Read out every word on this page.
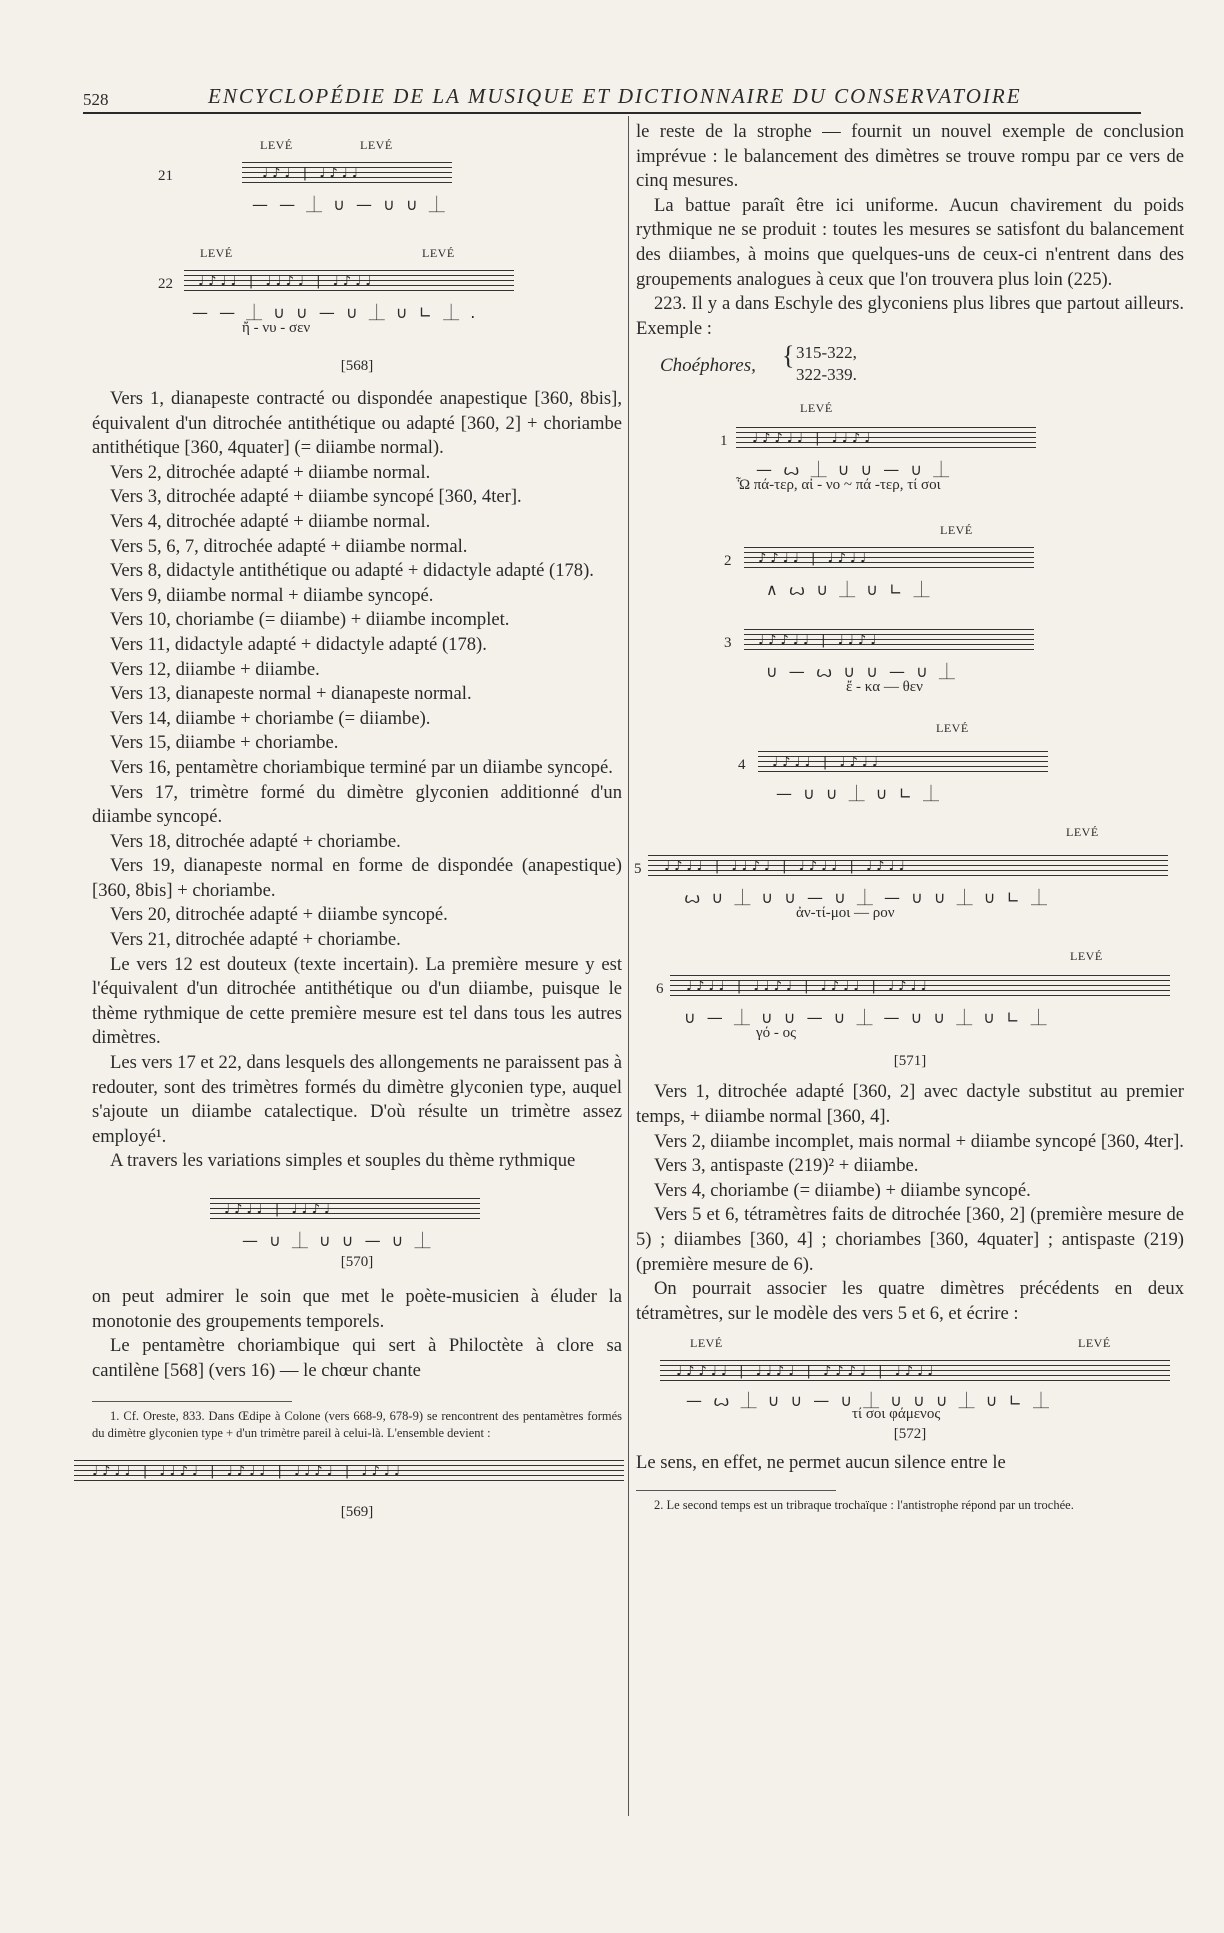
528	ENCYCLOPÉDIE DE LA MUSIQUE ET DICTIONNAIRE DU CONSERVATOIRE
21
LEVÉ	LEVÉ
♩♪♩ | ♩♪♩♩
— — ⏊ ∪ — ∪ ∪ ⏊
22
LEVÉ	LEVÉ
♩♪♩♩ | ♩♩♪♩ | ♩♪♩♩
— — ⏊ ∪ ∪ — ∪ ⏊ ∪ ∟ ⏊ .
ἤ - νυ - σεν

[568]

Vers 1, dianapeste contracté ou dispondée anapestique [360, 8bis], équivalent d'un ditrochée antithétique ou adapté [360, 2] + choriambe antithétique [360, 4quater] (= diiambe normal).

Vers 2, ditrochée adapté + diiambe normal.

Vers 3, ditrochée adapté + diiambe syncopé [360, 4ter].

Vers 4, ditrochée adapté + diiambe normal.

Vers 5, 6, 7, ditrochée adapté + diiambe normal.

Vers 8, didactyle antithétique ou adapté + didactyle adapté (178).

Vers 9, diiambe normal + diiambe syncopé.

Vers 10, choriambe (= diiambe) + diiambe incomplet.

Vers 11, didactyle adapté + didactyle adapté (178).

Vers 12, diiambe + diiambe.

Vers 13, dianapeste normal + dianapeste normal.

Vers 14, diiambe + choriambe (= diiambe).

Vers 15, diiambe + choriambe.

Vers 16, pentamètre choriambique terminé par un diiambe syncopé.

Vers 17, trimètre formé du dimètre glyconien additionné d'un diiambe syncopé.

Vers 18, ditrochée adapté + choriambe.

Vers 19, dianapeste normal en forme de dispondée (anapestique) [360, 8bis] + choriambe.

Vers 20, ditrochée adapté + diiambe syncopé.

Vers 21, ditrochée adapté + choriambe.

Le vers 12 est douteux (texte incertain). La première mesure y est l'équivalent d'un ditrochée antithétique ou d'un diiambe, puisque le thème rythmique de cette première mesure est tel dans tous les autres dimètres.

Les vers 17 et 22, dans lesquels des allongements ne paraissent pas à redouter, sont des trimètres formés du dimètre glyconien type, auquel s'ajoute un diiambe catalectique. D'où résulte un trimètre assez employé¹.

A travers les variations simples et souples du thème rythmique

♩♪♩♩ | ♩♩♪♩
— ∪ ⏊ ∪ ∪ — ∪ ⏊

[570]

on peut admirer le soin que met le poète-musicien à éluder la monotonie des groupements temporels.

Le pentamètre choriambique qui sert à Philoctète à clore sa cantilène [568] (vers 16) — le chœur chante

1. Cf. Oreste, 833. Dans Œdipe à Colone (vers 668-9, 678-9) se rencontrent des pentamètres formés du dimètre glyconien type + d'un trimètre pareil à celui-là. L'ensemble devient :

♩♪♩♩ | ♩♩♪♩ | ♩♪♩♩ | ♩♩♪♩ | ♩♪♩♩

[569]

le reste de la strophe — fournit un nouvel exemple de conclusion imprévue : le balancement des dimètres se trouve rompu par ce vers de cinq mesures.

La battue paraît être ici uniforme. Aucun chavirement du poids rythmique ne se produit : toutes les mesures se satisfont du balancement des diiambes, à moins que quelques-uns de ceux-ci n'entrent dans des groupements analogues à ceux que l'on trouvera plus loin (225).

223. Il y a dans Eschyle des glyconiens plus libres que partout ailleurs. Exemple :

Choéphores, { 315-322,
322-339.
1
LEVÉ
♩♪♪♩♩ | ♩♩♪♩
— ꙍ ⏊ ∪ ∪ — ∪ ⏊
Ὦ πά-τερ, αἰ - νο ~ πά -τερ, τί σοι
2
LEVÉ
♪♪♩♩ | ♩♪♩♩
∧ ꙍ ∪ ⏊ ∪ ∟ ⏊
3 ♩♪♪♩♩ | ♩♩♪♩
∪ — ꙍ ∪ ∪ — ∪ ⏊
ἔ - κα — θεν
4
LEVÉ
♩♪♩♩ | ♩♪♩♩
— ∪ ∪ ⏊ ∪ ∟ ⏊
5
LEVÉ
♩♪♩♩ | ♩♩♪♩ | ♩♪♩♩ | ♩♪♩♩
ꙍ ∪ ⏊ ∪ ∪ — ∪ ⏊ — ∪ ∪ ⏊ ∪ ∟ ⏊
ἀν-τί-μοι — ρον
6
LEVÉ
♩♪♩♩ | ♩♩♪♩ | ♩♪♩♩ | ♩♪♩♩
∪ — ⏊ ∪ ∪ — ∪ ⏊ — ∪ ∪ ⏊ ∪ ∟ ⏊
γό - ος

[571]

Vers 1, ditrochée adapté [360, 2] avec dactyle substitut au premier temps, + diiambe normal [360, 4].

Vers 2, diiambe incomplet, mais normal + diiambe syncopé [360, 4ter].

Vers 3, antispaste (219)² + diiambe.

Vers 4, choriambe (= diiambe) + diiambe syncopé.

Vers 5 et 6, tétramètres faits de ditrochée [360, 2] (première mesure de 5) ; diiambes [360, 4] ; choriambes [360, 4quater] ; antispaste (219) (première mesure de 6).

On pourrait associer les quatre dimètres précédents en deux tétramètres, sur le modèle des vers 5 et 6, et écrire :

LEVÉ	LEVÉ
♩♪♪♩♩ | ♩♩♪♩ | ♪♪♪♩ | ♩♪♩♩
— ꙍ ⏊ ∪ ∪ — ∪ ⏊ ∪ ∪ ∪ ⏊ ∪ ∟ ⏊
τί σοι φάμενος

[572]

Le sens, en effet, ne permet aucun silence entre le

2. Le second temps est un tribraque trochaïque : l'antistrophe répond par un trochée.
